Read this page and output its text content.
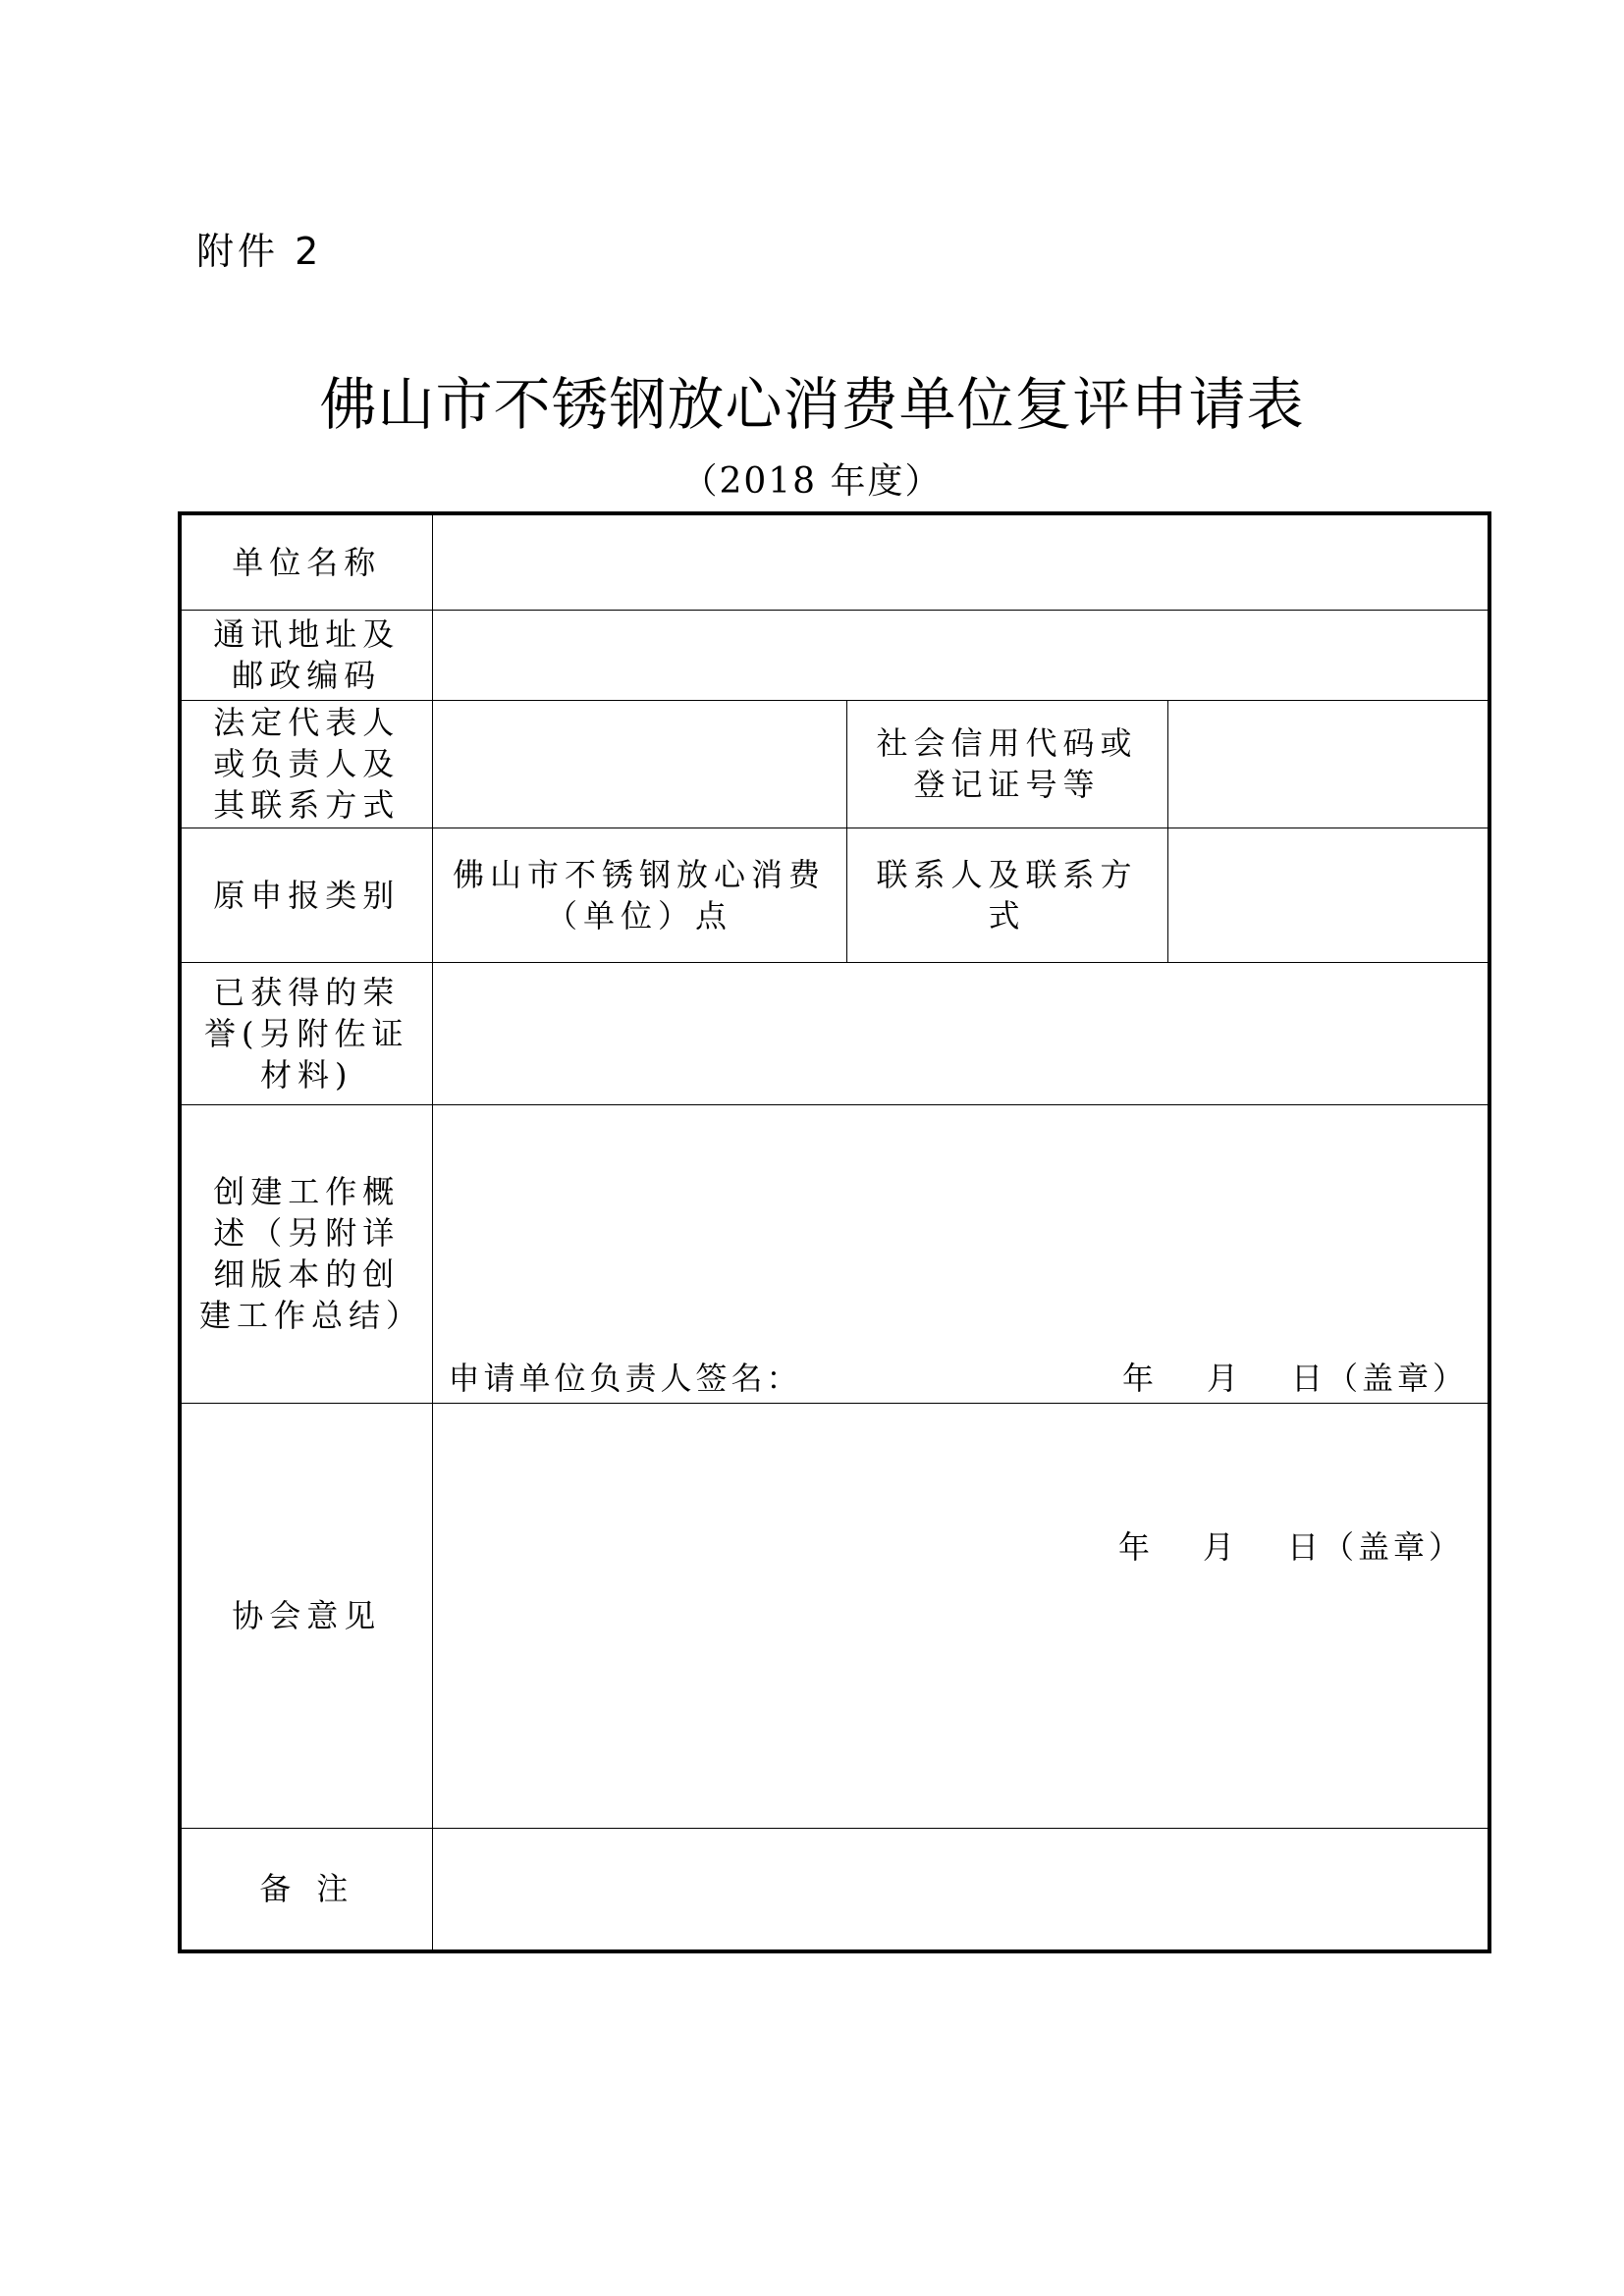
附件 2
佛山市不锈钢放心消费单位复评申请表
（2018 年度）
单位名称			
通讯地址及邮政编码			
法定代表人或负责人及其联系方式		社会信用代码或登记证号等	
原申报类别	佛山市不锈钢放心消费（单位）点	联系人及联系方式	
已获得的荣誉(另附佐证材料)			
创建工作概述（另附详细版本的创建工作总结）	申请单位负责人签名： 年 月 日（盖章）		

协会意见	年 月 日（盖章）		

备 注			
